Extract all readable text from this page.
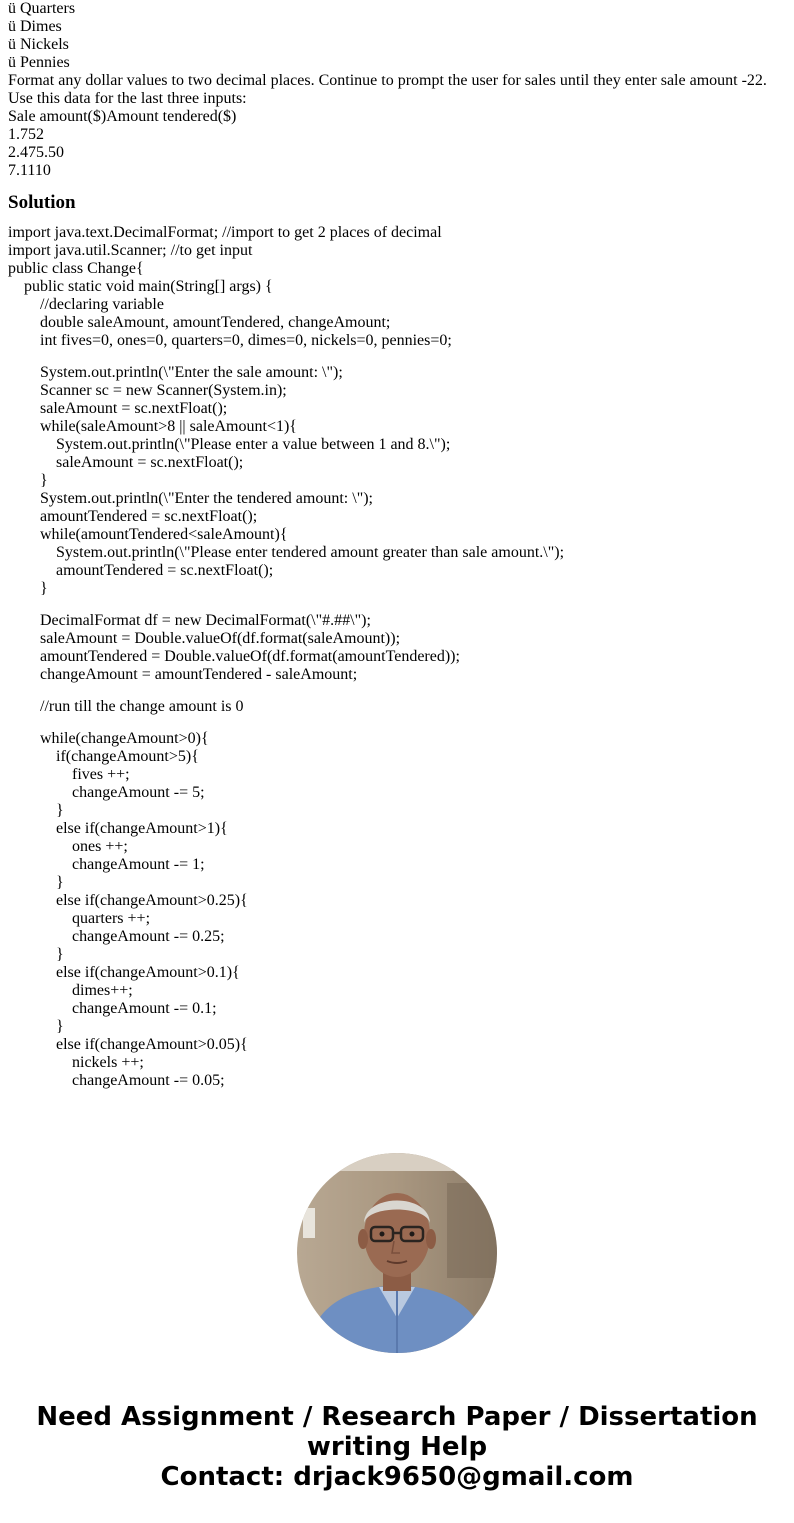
ü Quarters
ü Dimes
ü Nickels
ü Pennies
Format any dollar values to two decimal places. Continue to prompt the user for sales until they enter sale amount -22.
Use this data for the last three inputs:
Sale amount($)Amount tendered($)
1.752
2.475.50
7.1110
Solution
import java.text.DecimalFormat; //import to get 2 places of decimal
import java.util.Scanner; //to get input
public class Change{
public static void main(String[] args) {
//declaring variable
double saleAmount, amountTendered, changeAmount;
int fives=0, ones=0, quarters=0, dimes=0, nickels=0, pennies=0;
System.out.println(\"Enter the sale amount: \");
Scanner sc = new Scanner(System.in);
saleAmount = sc.nextFloat();
while(saleAmount>8 || saleAmount<1){
System.out.println(\"Please enter a value between 1 and 8.\");
saleAmount = sc.nextFloat();
}
System.out.println(\"Enter the tendered amount: \");
amountTendered = sc.nextFloat();
while(amountTendered<saleAmount){
System.out.println(\"Please enter tendered amount greater than sale amount.\");
amountTendered = sc.nextFloat();
}
DecimalFormat df = new DecimalFormat(\"#.##\");
saleAmount = Double.valueOf(df.format(saleAmount));
amountTendered = Double.valueOf(df.format(amountTendered));
changeAmount = amountTendered - saleAmount;
//run till the change amount is 0
while(changeAmount>0){
if(changeAmount>5){
fives ++;
changeAmount -= 5;
}
else if(changeAmount>1){
ones ++;
changeAmount -= 1;
}
else if(changeAmount>0.25){
quarters ++;
changeAmount -= 0.25;
}
else if(changeAmount>0.1){
dimes++;
changeAmount -= 0.1;
}
else if(changeAmount>0.05){
nickels ++;
changeAmount -= 0.05;
Need Assignment / Research Paper / Dissertation
writing Help
Contact: drjack9650@gmail.com
